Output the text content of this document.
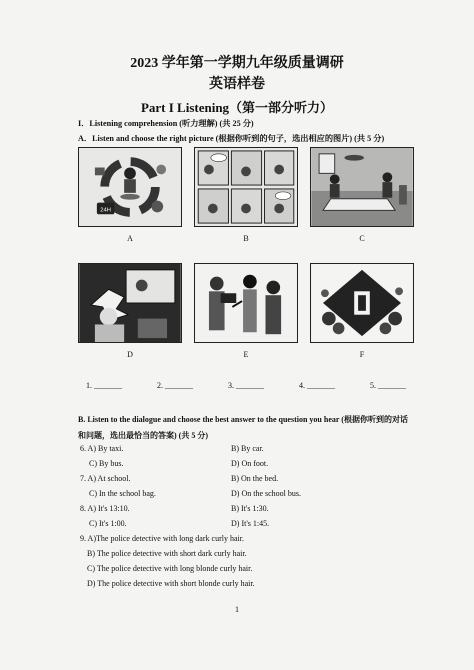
2023 学年第一学期九年级质量调研
英语样卷
Part I Listening（第一部分听力）
I．Listening comprehension (听力理解) (共 25 分)
A．Listen and choose the right picture (根据你听到的句子，选出相应的图片) (共 5 分)
24H
A	B	C
D	E	F
1. _______	2. _______	3. _______	4. _______	5. _______
B. Listen to the dialogue and choose the best answer to the question you hear (根据你听到的对话和问题，选出最恰当的答案) (共 5 分)
6. A) By taxi.	B) By car.
C) By bus.	D) On foot.
7. A) At school.	B) On the bed.
C) In the school bag.	D) On the school bus.
8. A) It's 13:10.	B) It's 1:30.
C) It's 1:00.	D) It's 1:45.
9. A)The police detective with long dark curly hair.
B) The police detective with short dark curly hair.
C) The police detective with long blonde curly hair.
D) The police detective with short blonde curly hair.
1
